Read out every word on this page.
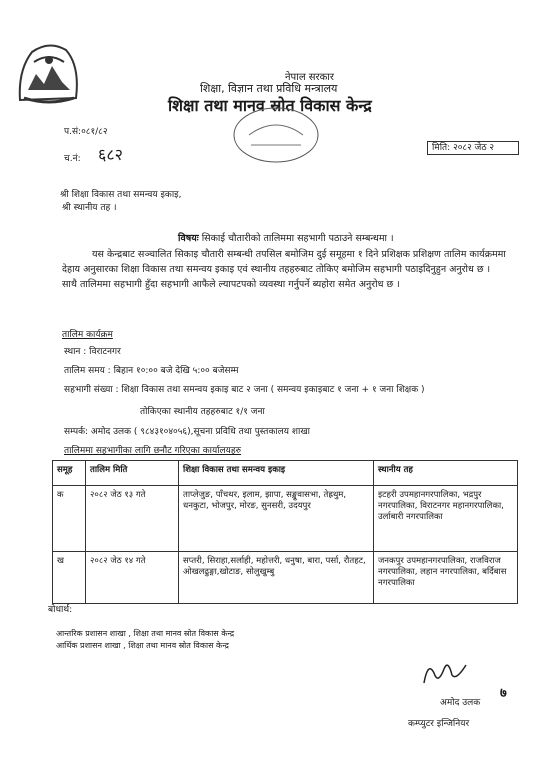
नेपाल सरकार
शिक्षा, विज्ञान तथा प्रविधि मन्त्रालय
शिक्षा तथा मानव स्रोत विकास केन्द्र
प.सं:०८१/८२
च.नं: ६८२	मिति: २०८२ जेठ २
श्री शिक्षा विकास तथा समन्वय इकाइ,
श्री स्थानीय तह ।
विषयः सिकाई चौतारीको तालिममा सहभागी पठाउने सम्बन्धमा ।
यस केन्द्रबाट सञ्चालित सिकाइ चौतारी सम्बन्धी तपसिल बमोजिम दुई समूहमा १ दिने प्रशिक्षक प्रशिक्षण तालिम कार्यक्रममा देहाय अनुसारका शिक्षा विकास तथा समन्वय इकाइ एवं स्थानीय तहहरुबाट तोकिए बमोजिम सहभागी पठाइदिनुहुन अनुरोध छ । साथै तालिममा सहभागी हुँदा सहभागी आफैले ल्यापटपको व्यवस्था गर्नुपर्ने ब्यहोरा समेत अनुरोध छ ।
तालिम कार्यक्रम
स्थान : विराटनगर
तालिम समय : बिहान १०:०० बजे देखि ५:०० बजेसम्म
सहभागी संख्या : शिक्षा विकास तथा समन्वय इकाइ बाट २ जना ( समन्वय इकाइबाट १ जना + १ जना शिक्षक )
तोकिएका स्थानीय तहहरुबाट १/१ जना
सम्पर्क: अमोद उलक ( ९८४३१०४०५६),सूचना प्रविधि तथा पुस्तकालय शाखा
तालिममा सहभागीका लागि छनौट गरिएका कार्यालयहरु
समूह	तालिम मिति	शिक्षा विकास तथा समन्वय इकाइ	स्थानीय तह
क	२०८२ जेठ १३ गते	ताप्लेजुङ, पाँचथर, इलाम, झापा, सङ्खुवासभा, तेह्रथुम, धनकुटा, भोजपुर, मोरङ, सुनसरी, उदयपुर	इटहरी उपमहानगरपालिका, भद्रपुर नगरपालिका, विराटनगर महानगरपालिका, उर्लाबारी नगरपालिका
ख	२०८२ जेठ १४ गते	सप्तरी, सिराहा,सर्लाही, महोत्तरी, धनुषा, बारा, पर्सा, रौतहट, ओखलढुङ्गा,खोटाङ, सोलुखुम्बु	जनकपुर उपमहानगरपालिका, राजविराज नगरपालिका, लहान नगरपालिका, बर्दिबास नगरपालिका
बोधार्थ:
आन्तरिक प्रशासन शाखा , शिक्षा तथा मानव स्रोत विकास केन्द्र
आर्थिक प्रशासन शाखा , शिक्षा तथा मानव स्रोत विकास केन्द्र
अमोद उलक
कम्प्युटर इन्जिनियर
७
